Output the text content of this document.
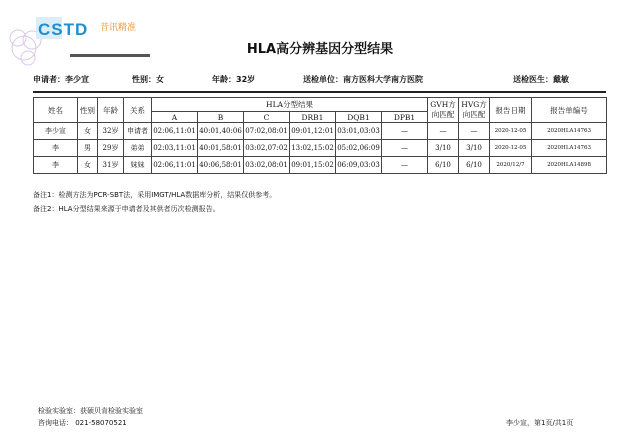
CSTD 昔讯精准
HLA高分辨基因分型结果
申请者：李少宣	性别：女	年龄：32岁	送检单位：南方医科大学南方医院	送检医生：戴敏
姓名	性别	年龄	关系	HLA分型结果						GVH方向匹配	HVG方向匹配	报告日期	报告单编号
				A	B	C	DRB1	DQB1	DPB1				
李少宣	女	32岁	申请者	02:06,11:01	40:01,40:06	07:02,08:01	09:01,12:01	03:01,03:03	—	—	—	2020-12-05	2020HLA14763
李	男	29岁	弟弟	02:03,11:01	40:01,58:01	03:02,07:02	13:02,15:02	05:02,06:09	—	3/10	3/10	2020-12-05	2020HLA14763
李	女	31岁	妹妹	02:06,11:01	40:06,58:01	03:02,08:01	09:01,15:02	06:09,03:03	—	6/10	6/10	2020/12/7	2020HLA14898
备注1：检测方法为PCR-SBT法，采用IMGT/HLA数据库分析，结果仅供参考。
备注2：HLA分型结果来源于申请者及其供者历次检测报告。
检验实验室：获硕贝肯检验实验室
咨询电话： 021-58070521	李少宣，第1页/共1页
